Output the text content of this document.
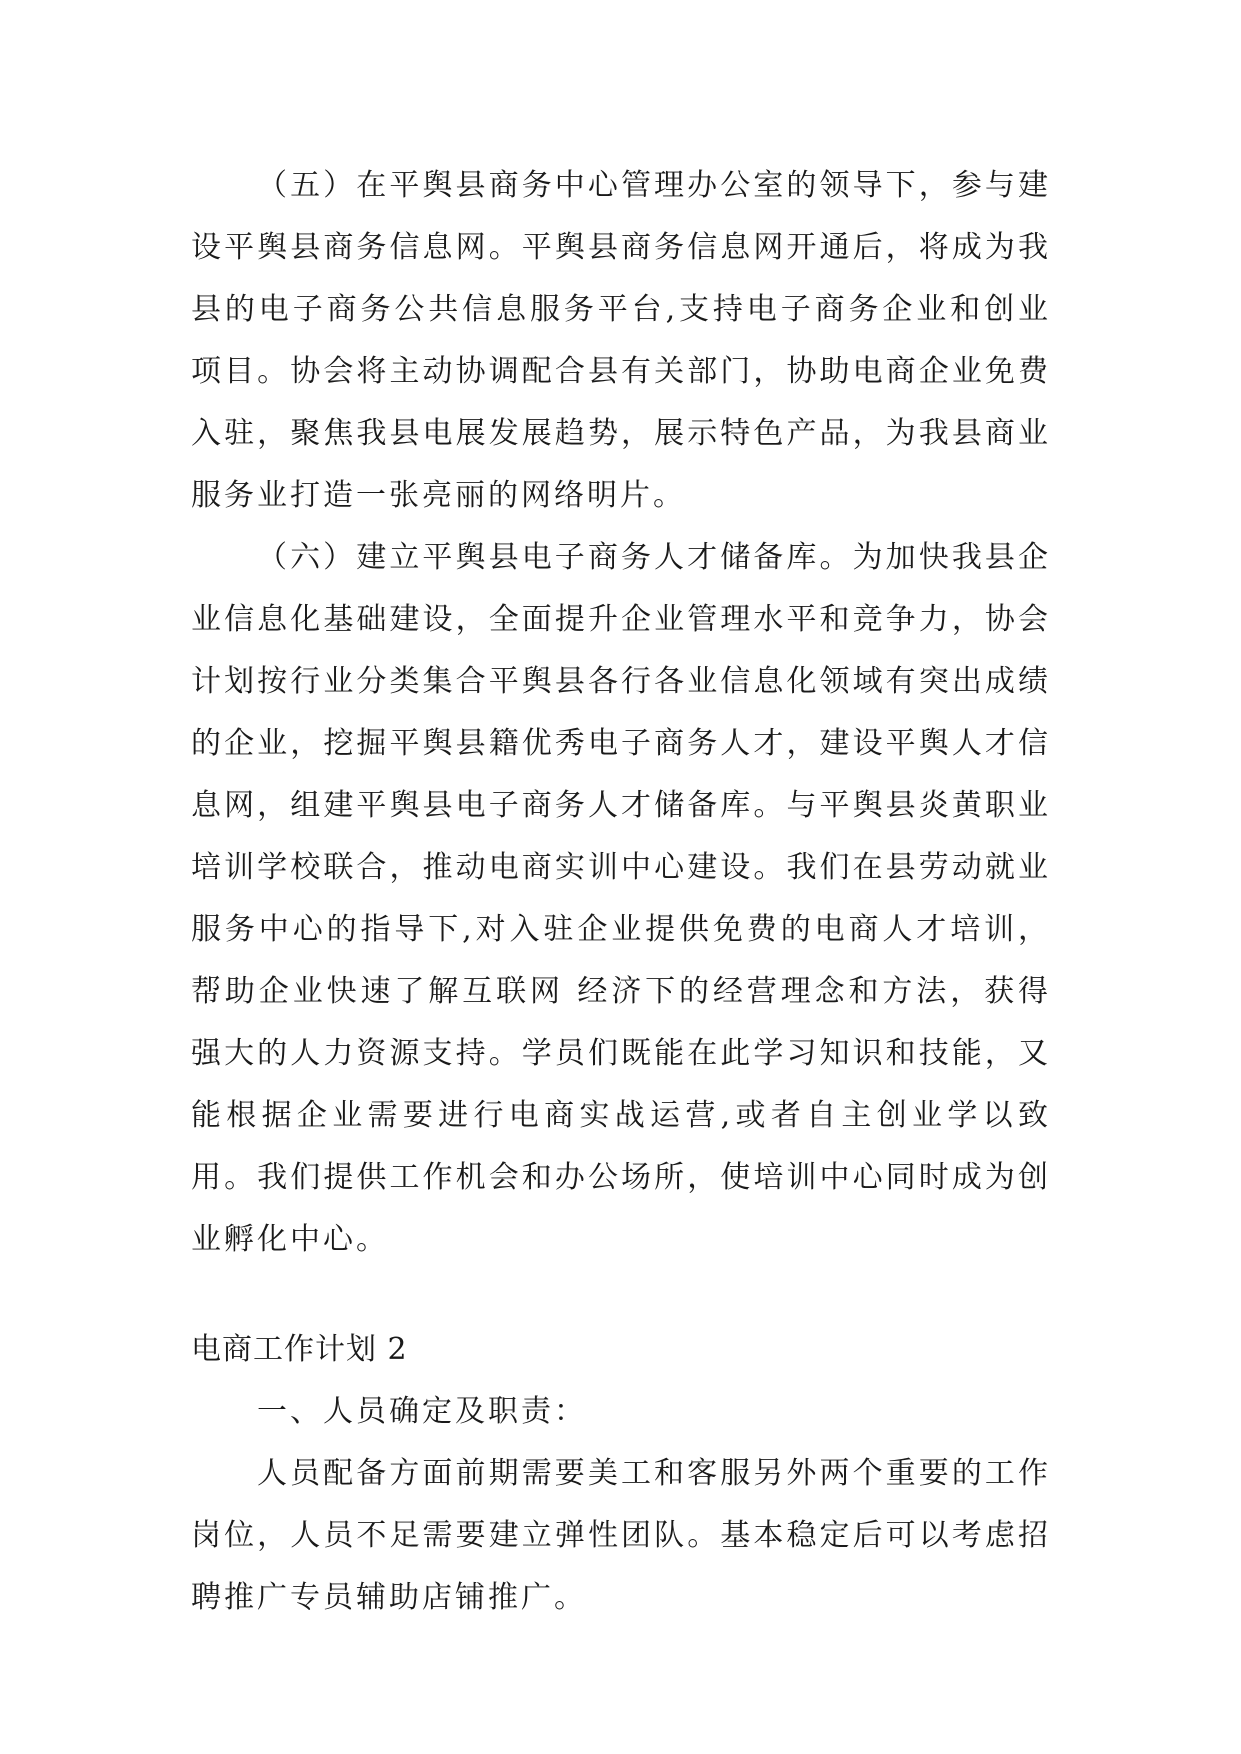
（五）在平舆县商务中心管理办公室的领导下，参与建设平舆县商务信息网。平舆县商务信息网开通后，将成为我县的电子商务公共信息服务平台,支持电子商务企业和创业项目。协会将主动协调配合县有关部门，协助电商企业免费入驻，聚焦我县电展发展趋势，展示特色产品，为我县商业服务业打造一张亮丽的网络明片。

（六）建立平舆县电子商务人才储备库。为加快我县企业信息化基础建设，全面提升企业管理水平和竞争力，协会计划按行业分类集合平舆县各行各业信息化领域有突出成绩的企业，挖掘平舆县籍优秀电子商务人才，建设平舆人才信息网，组建平舆县电子商务人才储备库。与平舆县炎黄职业培训学校联合，推动电商实训中心建设。我们在县劳动就业服务中心的指导下,对入驻企业提供免费的电商人才培训，帮助企业快速了解互联网 经济下的经营理念和方法，获得强大的人力资源支持。学员们既能在此学习知识和技能，又能根据企业需要进行电商实战运营,或者自主创业学以致用。我们提供工作机会和办公场所，使培训中心同时成为创业孵化中心。

电商工作计划 2

一、人员确定及职责：

人员配备方面前期需要美工和客服另外两个重要的工作岗位，人员不足需要建立弹性团队。基本稳定后可以考虑招聘推广专员辅助店铺推广。
